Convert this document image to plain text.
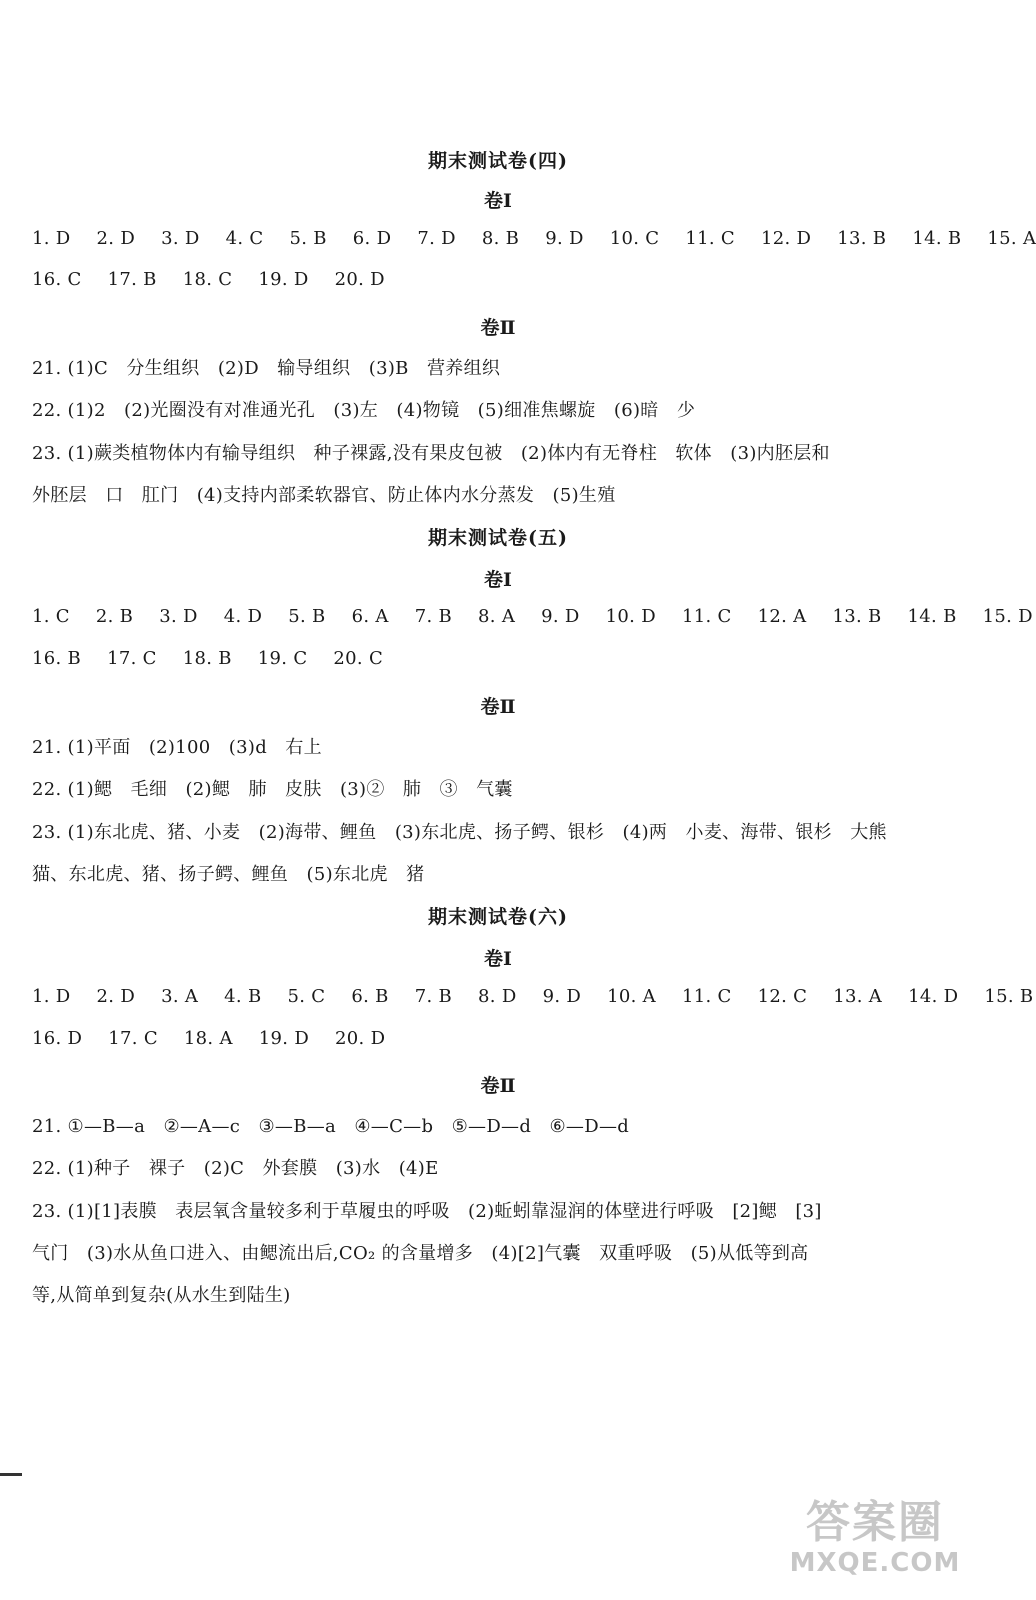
期末测试卷(四)
卷Ⅰ
1. D 2. D 3. D 4. C 5. B 6. D 7. D 8. B 9. D 10. C 11. C 12. D 13. B 14. B 15. A
16. C 17. B 18. C 19. D 20. D
卷Ⅱ
21. (1)C　分生组织　(2)D　输导组织　(3)B　营养组织
22. (1)2　(2)光圈没有对准通光孔　(3)左　(4)物镜　(5)细准焦螺旋　(6)暗　少
23. (1)蕨类植物体内有输导组织　种子裸露,没有果皮包被　(2)体内有无脊柱　软体　(3)内胚层和
外胚层　口　肛门　(4)支持内部柔软器官、防止体内水分蒸发　(5)生殖
期末测试卷(五)
卷Ⅰ
1. C 2. B 3. D 4. D 5. B 6. A 7. B 8. A 9. D 10. D 11. C 12. A 13. B 14. B 15. D
16. B 17. C 18. B 19. C 20. C
卷Ⅱ
21. (1)平面　(2)100　(3)d　右上
22. (1)鳃　毛细　(2)鳃　肺　皮肤　(3)②　肺　③　气囊
23. (1)东北虎、猪、小麦　(2)海带、鲤鱼　(3)东北虎、扬子鳄、银杉　(4)两　小麦、海带、银杉　大熊
猫、东北虎、猪、扬子鳄、鲤鱼　(5)东北虎　猪
期末测试卷(六)
卷Ⅰ
1. D 2. D 3. A 4. B 5. C 6. B 7. B 8. D 9. D 10. A 11. C 12. C 13. A 14. D 15. B
16. D 17. C 18. A 19. D 20. D
卷Ⅱ
21. ①—B—a　②—A—c　③—B—a　④—C—b　⑤—D—d　⑥—D—d
22. (1)种子　裸子　(2)C　外套膜　(3)水　(4)E
23. (1)[1]表膜　表层氧含量较多利于草履虫的呼吸　(2)蚯蚓靠湿润的体壁进行呼吸　[2]鳃　[3]
气门　(3)水从鱼口进入、由鳃流出后,CO₂ 的含量增多　(4)[2]气囊　双重呼吸　(5)从低等到高
等,从简单到复杂(从水生到陆生)
答案圈
MXQE.COM
